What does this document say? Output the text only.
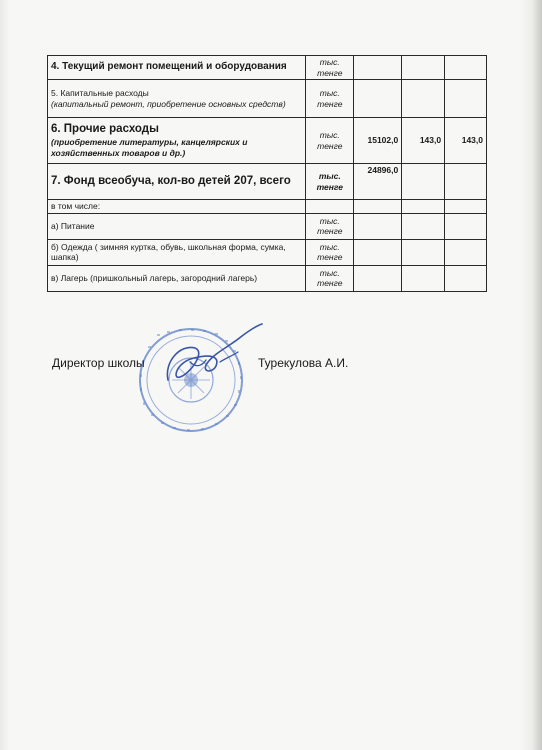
4. Текущий ремонт помещений и оборудования	тыс. тенге			

5. Капитальные расходы
(капитальный ремонт, приобретение основных средств)	тыс. тенге			

6. Прочие расходы
(приобретение литературы, канцелярских и хозяйственных товаров и др.)	тыс. тенге	15102,0	143,0	143,0

7. Фонд всеобуча, кол-во детей 207, всего	тыс. тенге	24896,0		

в том числе:				

а) Питание	тыс. тенге			

б) Одежда ( зимняя куртка, обувь, школьная форма, сумка, шапка)	тыс. тенге			

в) Лагерь (пришкольный лагерь, загородний лагерь)	тыс. тенге			
Директор школы	Турекулова А.И.
